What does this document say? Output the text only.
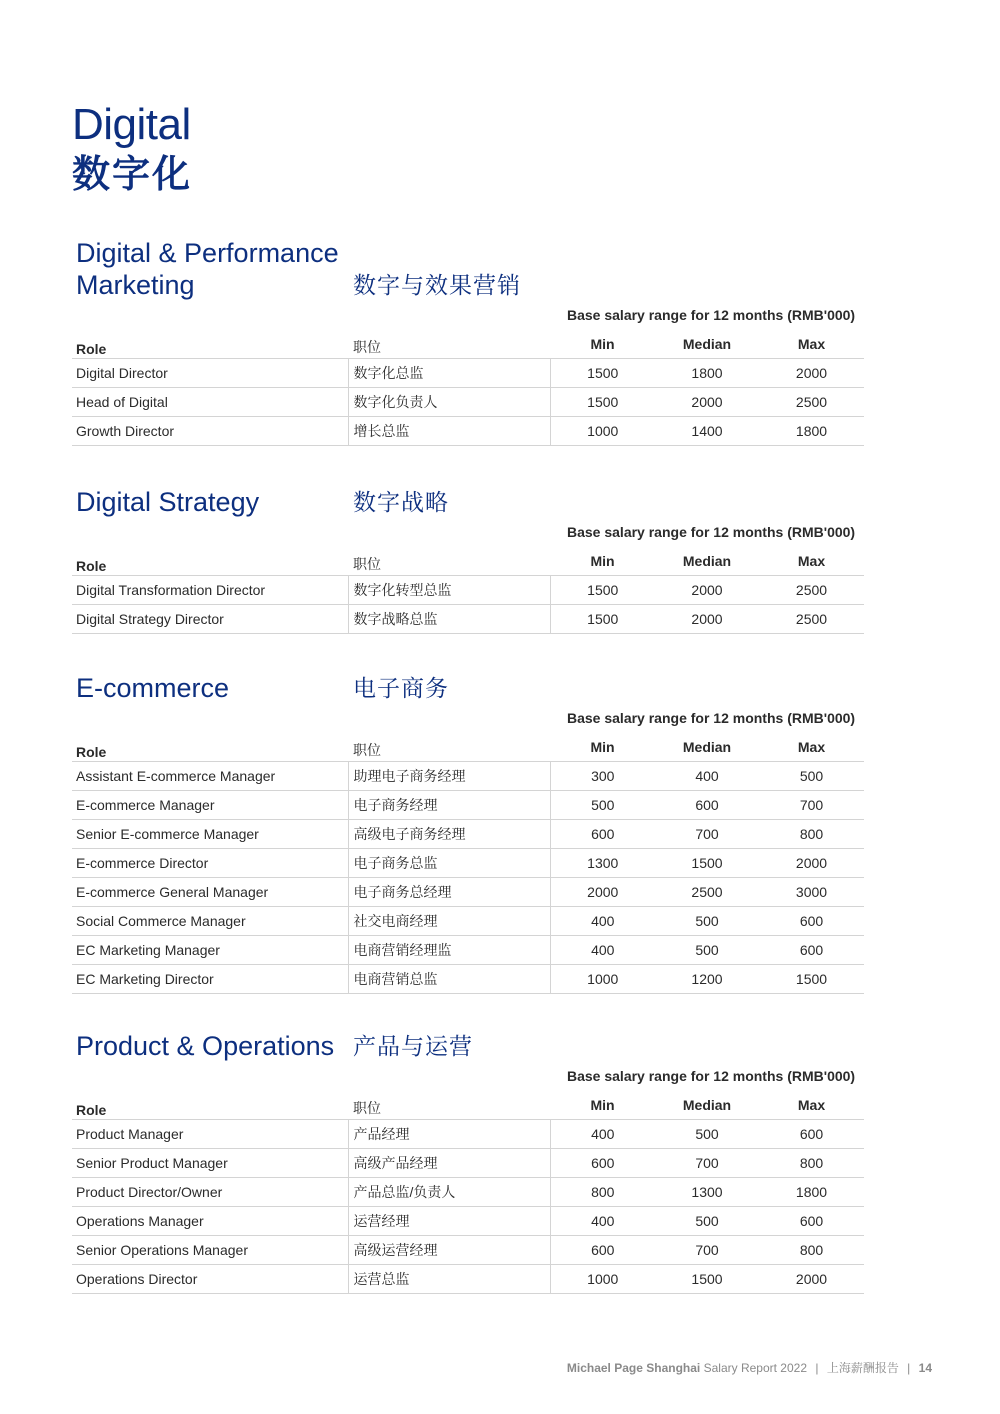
Digital
数字化
Digital & Performance
Marketing	数字与效果营销
Base salary range for 12 months (RMB'000)
Role	职位	Min	Median	Max
Digital Director	数字化总监	1500	1800	2000
Head of Digital	数字化负责人	1500	2000	2500
Growth Director	增长总监	1000	1400	1800
Digital Strategy	数字战略
Base salary range for 12 months (RMB'000)
Role	职位	Min	Median	Max
Digital Transformation Director	数字化转型总监	1500	2000	2500
Digital Strategy Director	数字战略总监	1500	2000	2500
E-commerce	电子商务
Base salary range for 12 months (RMB'000)
Role	职位	Min	Median	Max
Assistant E-commerce Manager	助理电子商务经理	300	400	500
E-commerce Manager	电子商务经理	500	600	700
Senior E-commerce Manager	高级电子商务经理	600	700	800
E-commerce Director	电子商务总监	1300	1500	2000
E-commerce General Manager	电子商务总经理	2000	2500	3000
Social Commerce Manager	社交电商经理	400	500	600
EC Marketing Manager	电商营销经理监	400	500	600
EC Marketing Director	电商营销总监	1000	1200	1500
Product & Operations 产品与运营
Base salary range for 12 months (RMB'000)
Role	职位	Min	Median	Max
Product Manager	产品经理	400	500	600
Senior Product Manager	高级产品经理	600	700	800
Product Director/Owner	产品总监/负责人	800	1300	1800
Operations Manager	运营经理	400	500	600
Senior Operations Manager	高级运营经理	600	700	800
Operations Director	运营总监	1000	1500	2000
Michael Page Shanghai Salary Report 2022 | 上海薪酬报告 | 14
